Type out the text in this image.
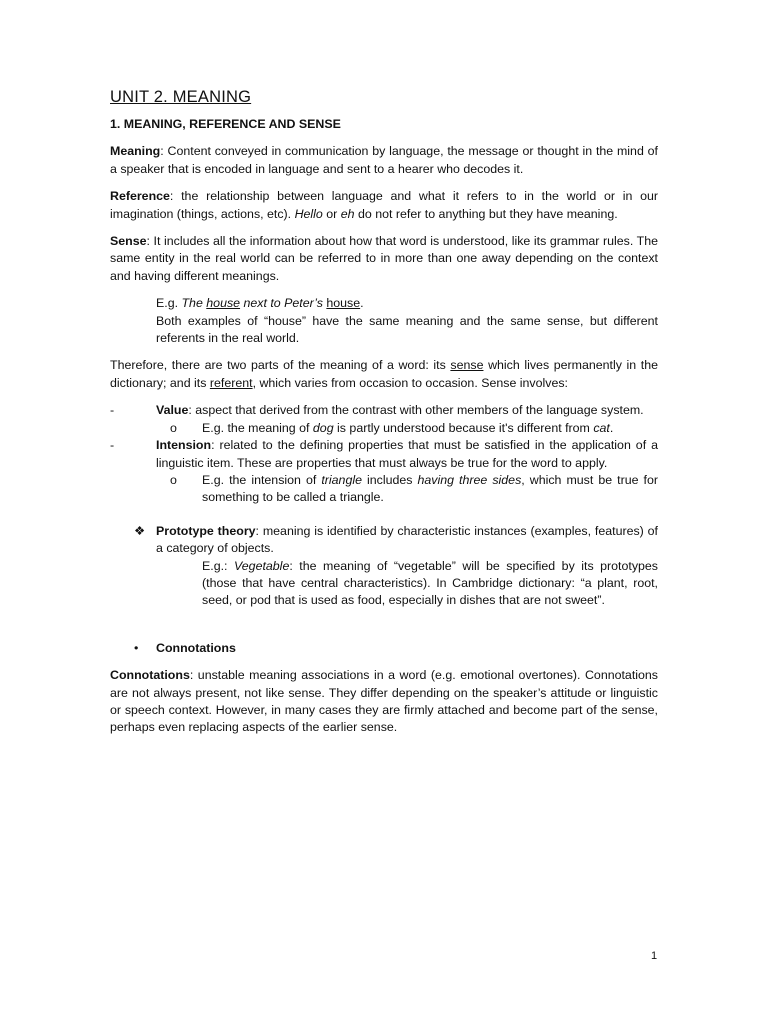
UNIT 2. MEANING
1. MEANING, REFERENCE AND SENSE

Meaning: Content conveyed in communication by language, the message or thought in the mind of a speaker that is encoded in language and sent to a hearer who decodes it.

Reference: the relationship between language and what it refers to in the world or in our imagination (things, actions, etc). Hello or eh do not refer to anything but they have meaning.

Sense: It includes all the information about how that word is understood, like its grammar rules. The same entity in the real world can be referred to in more than one away depending on the context and having different meanings.

E.g. The house next to Peter’s house.
Both examples of “house” have the same meaning and the same sense, but different referents in the real world.

Therefore, there are two parts of the meaning of a word: its sense which lives permanently in the dictionary; and its referent, which varies from occasion to occasion. Sense involves:

-	Value: aspect that derived from the contrast with other members of the language system.
o	E.g. the meaning of dog is partly understood because it's different from cat.
-	Intension: related to the defining properties that must be satisfied in the application of a linguistic item. These are properties that must always be true for the word to apply.
o	E.g. the intension of triangle includes having three sides, which must be true for something to be called a triangle.
❖ Prototype theory: meaning is identified by characteristic instances (examples, features) of a category of objects.
E.g.: Vegetable: the meaning of “vegetable” will be specified by its prototypes (those that have central characteristics). In Cambridge dictionary: “a plant, root, seed, or pod that is used as food, especially in dishes that are not sweet”.
•	Connotations

Connotations: unstable meaning associations in a word (e.g. emotional overtones). Connotations are not always present, not like sense. They differ depending on the speaker’s attitude or linguistic or speech context. However, in many cases they are firmly attached and become part of the sense, perhaps even replacing aspects of the earlier sense.

1
